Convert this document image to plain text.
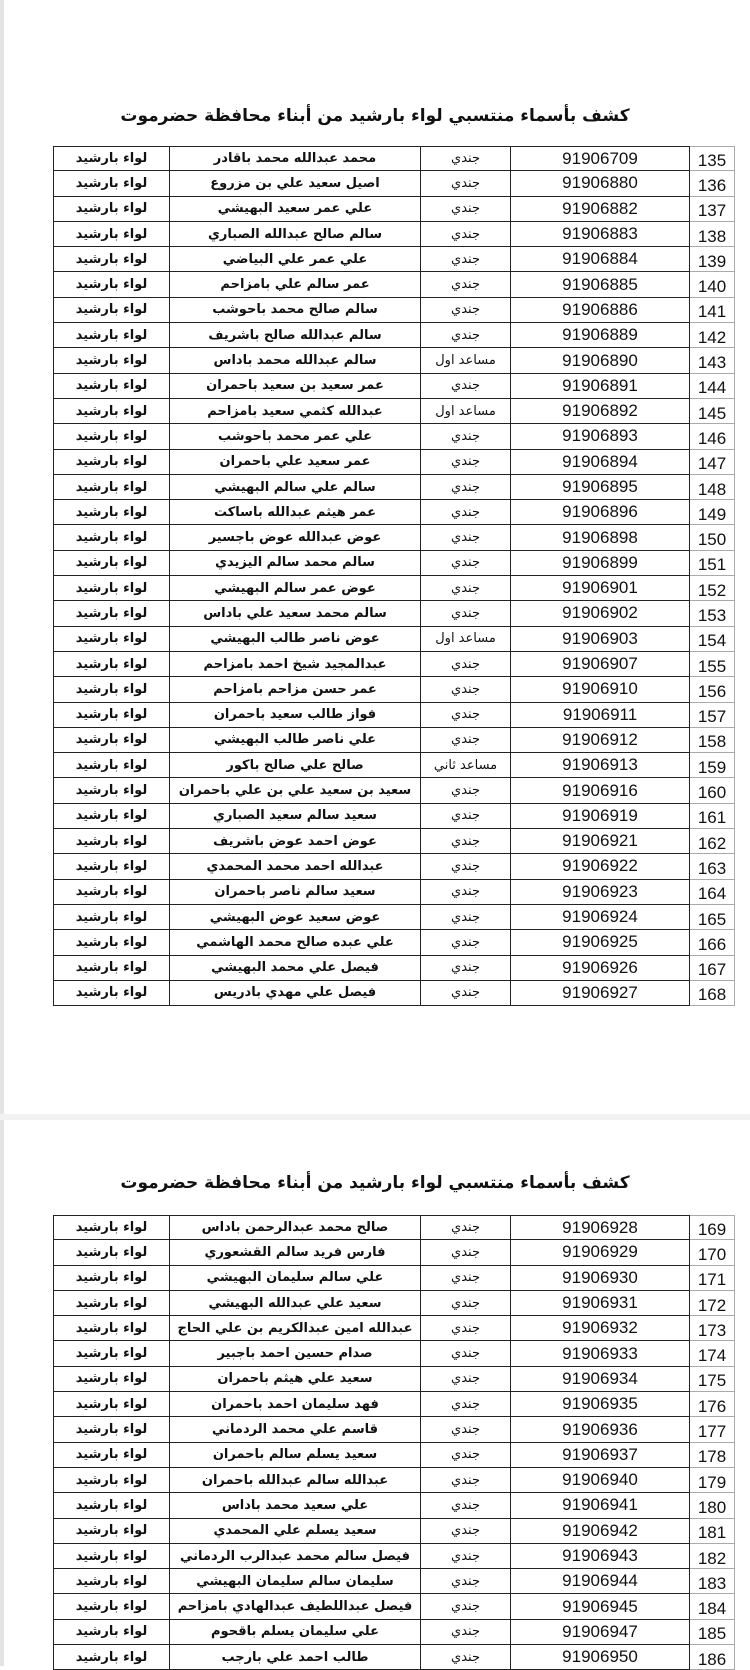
كشف بأسماء منتسبي لواء بارشيد من أبناء محافظة حضرموت
لواء بارشيد	محمد عبدالله محمد باقادر	جندي	91906709	135
لواء بارشيد	اصيل سعيد علي بن مزروع	جندي	91906880	136
لواء بارشيد	علي عمر سعيد البهيشي	جندي	91906882	137
لواء بارشيد	سالم صالح عبدالله الصباري	جندي	91906883	138
لواء بارشيد	علي عمر علي البياضي	جندي	91906884	139
لواء بارشيد	عمر سالم علي بامزاحم	جندي	91906885	140
لواء بارشيد	سالم صالح محمد باحوشب	جندي	91906886	141
لواء بارشيد	سالم عبدالله صالح باشريف	جندي	91906889	142
لواء بارشيد	سالم عبدالله محمد باداس	مساعد اول	91906890	143
لواء بارشيد	عمر سعيد بن سعيد باحمران	جندي	91906891	144
لواء بارشيد	عبدالله كثمي سعيد بامزاحم	مساعد اول	91906892	145
لواء بارشيد	علي عمر محمد باحوشب	جندي	91906893	146
لواء بارشيد	عمر سعيد علي باحمران	جندي	91906894	147
لواء بارشيد	سالم علي سالم البهيشي	جندي	91906895	148
لواء بارشيد	عمر هيثم عبدالله باساكت	جندي	91906896	149
لواء بارشيد	عوض عبدالله عوض باجسير	جندي	91906898	150
لواء بارشيد	سالم محمد سالم اليزيدي	جندي	91906899	151
لواء بارشيد	عوض عمر سالم البهيشي	جندي	91906901	152
لواء بارشيد	سالم محمد سعيد علي باداس	جندي	91906902	153
لواء بارشيد	عوض ناصر طالب البهيشي	مساعد اول	91906903	154
لواء بارشيد	عبدالمجيد شيخ احمد بامزاحم	جندي	91906907	155
لواء بارشيد	عمر حسن مزاحم بامزاحم	جندي	91906910	156
لواء بارشيد	فواز طالب سعيد باحمران	جندي	91906911	157
لواء بارشيد	علي ناصر طالب البهيشي	جندي	91906912	158
لواء بارشيد	صالح علي صالح باكور	مساعد ثاني	91906913	159
لواء بارشيد	سعيد بن سعيد علي بن علي باحمران	جندي	91906916	160
لواء بارشيد	سعيد سالم سعيد الصباري	جندي	91906919	161
لواء بارشيد	عوض احمد عوض باشريف	جندي	91906921	162
لواء بارشيد	عبدالله احمد محمد المحمدي	جندي	91906922	163
لواء بارشيد	سعيد سالم ناصر باحمران	جندي	91906923	164
لواء بارشيد	عوض سعيد عوض البهيشي	جندي	91906924	165
لواء بارشيد	علي عبده صالح محمد الهاشمي	جندي	91906925	166
لواء بارشيد	فيصل علي محمد البهيشي	جندي	91906926	167
لواء بارشيد	فيصل علي مهدي بادريس	جندي	91906927	168
كشف بأسماء منتسبي لواء بارشيد من أبناء محافظة حضرموت
لواء بارشيد	صالح محمد عبدالرحمن باداس	جندي	91906928	169
لواء بارشيد	فارس فريد سالم القشعوري	جندي	91906929	170
لواء بارشيد	علي سالم سليمان البهيشي	جندي	91906930	171
لواء بارشيد	سعيد علي عبدالله البهيشي	جندي	91906931	172
لواء بارشيد	عبدالله امين عبدالكريم بن علي الحاج	جندي	91906932	173
لواء بارشيد	صدام حسين احمد باجبير	جندي	91906933	174
لواء بارشيد	سعيد علي هيثم باحمران	جندي	91906934	175
لواء بارشيد	فهد سليمان احمد باحمران	جندي	91906935	176
لواء بارشيد	قاسم علي محمد الردماني	جندي	91906936	177
لواء بارشيد	سعيد يسلم سالم باحمران	جندي	91906937	178
لواء بارشيد	عبدالله سالم عبدالله باحمران	جندي	91906940	179
لواء بارشيد	علي سعيد محمد باداس	جندي	91906941	180
لواء بارشيد	سعيد يسلم علي المحمدي	جندي	91906942	181
لواء بارشيد	فيصل سالم محمد عبدالرب الردماني	جندي	91906943	182
لواء بارشيد	سليمان سالم سليمان البهيشي	جندي	91906944	183
لواء بارشيد	فيصل عبداللطيف عبدالهادي بامزاحم	جندي	91906945	184
لواء بارشيد	علي سليمان يسلم باقحوم	جندي	91906947	185
لواء بارشيد	طالب احمد علي بارجب	جندي	91906950	186
